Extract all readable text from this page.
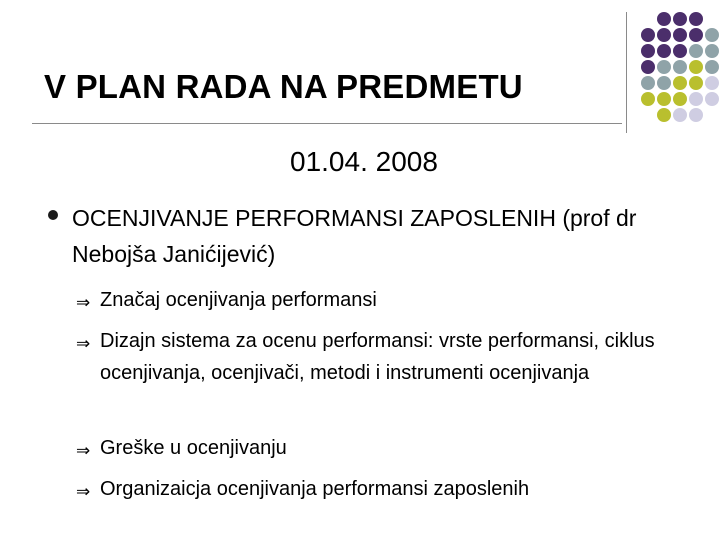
V PLAN RADA NA PREDMETU
01.04. 2008
OCENJIVANJE PERFORMANSI ZAPOSLENIH (prof dr Nebojša Janićijević)
⇒ Značaj ocenjivanja performansi
⇒ Dizajn sistema za ocenu performansi: vrste performansi, ciklus ocenjivanja, ocenjivači, metodi i instrumenti ocenjivanja
⇒ Greške u ocenjivanju
⇒ Organizaicja ocenjivanja performansi zaposlenih
